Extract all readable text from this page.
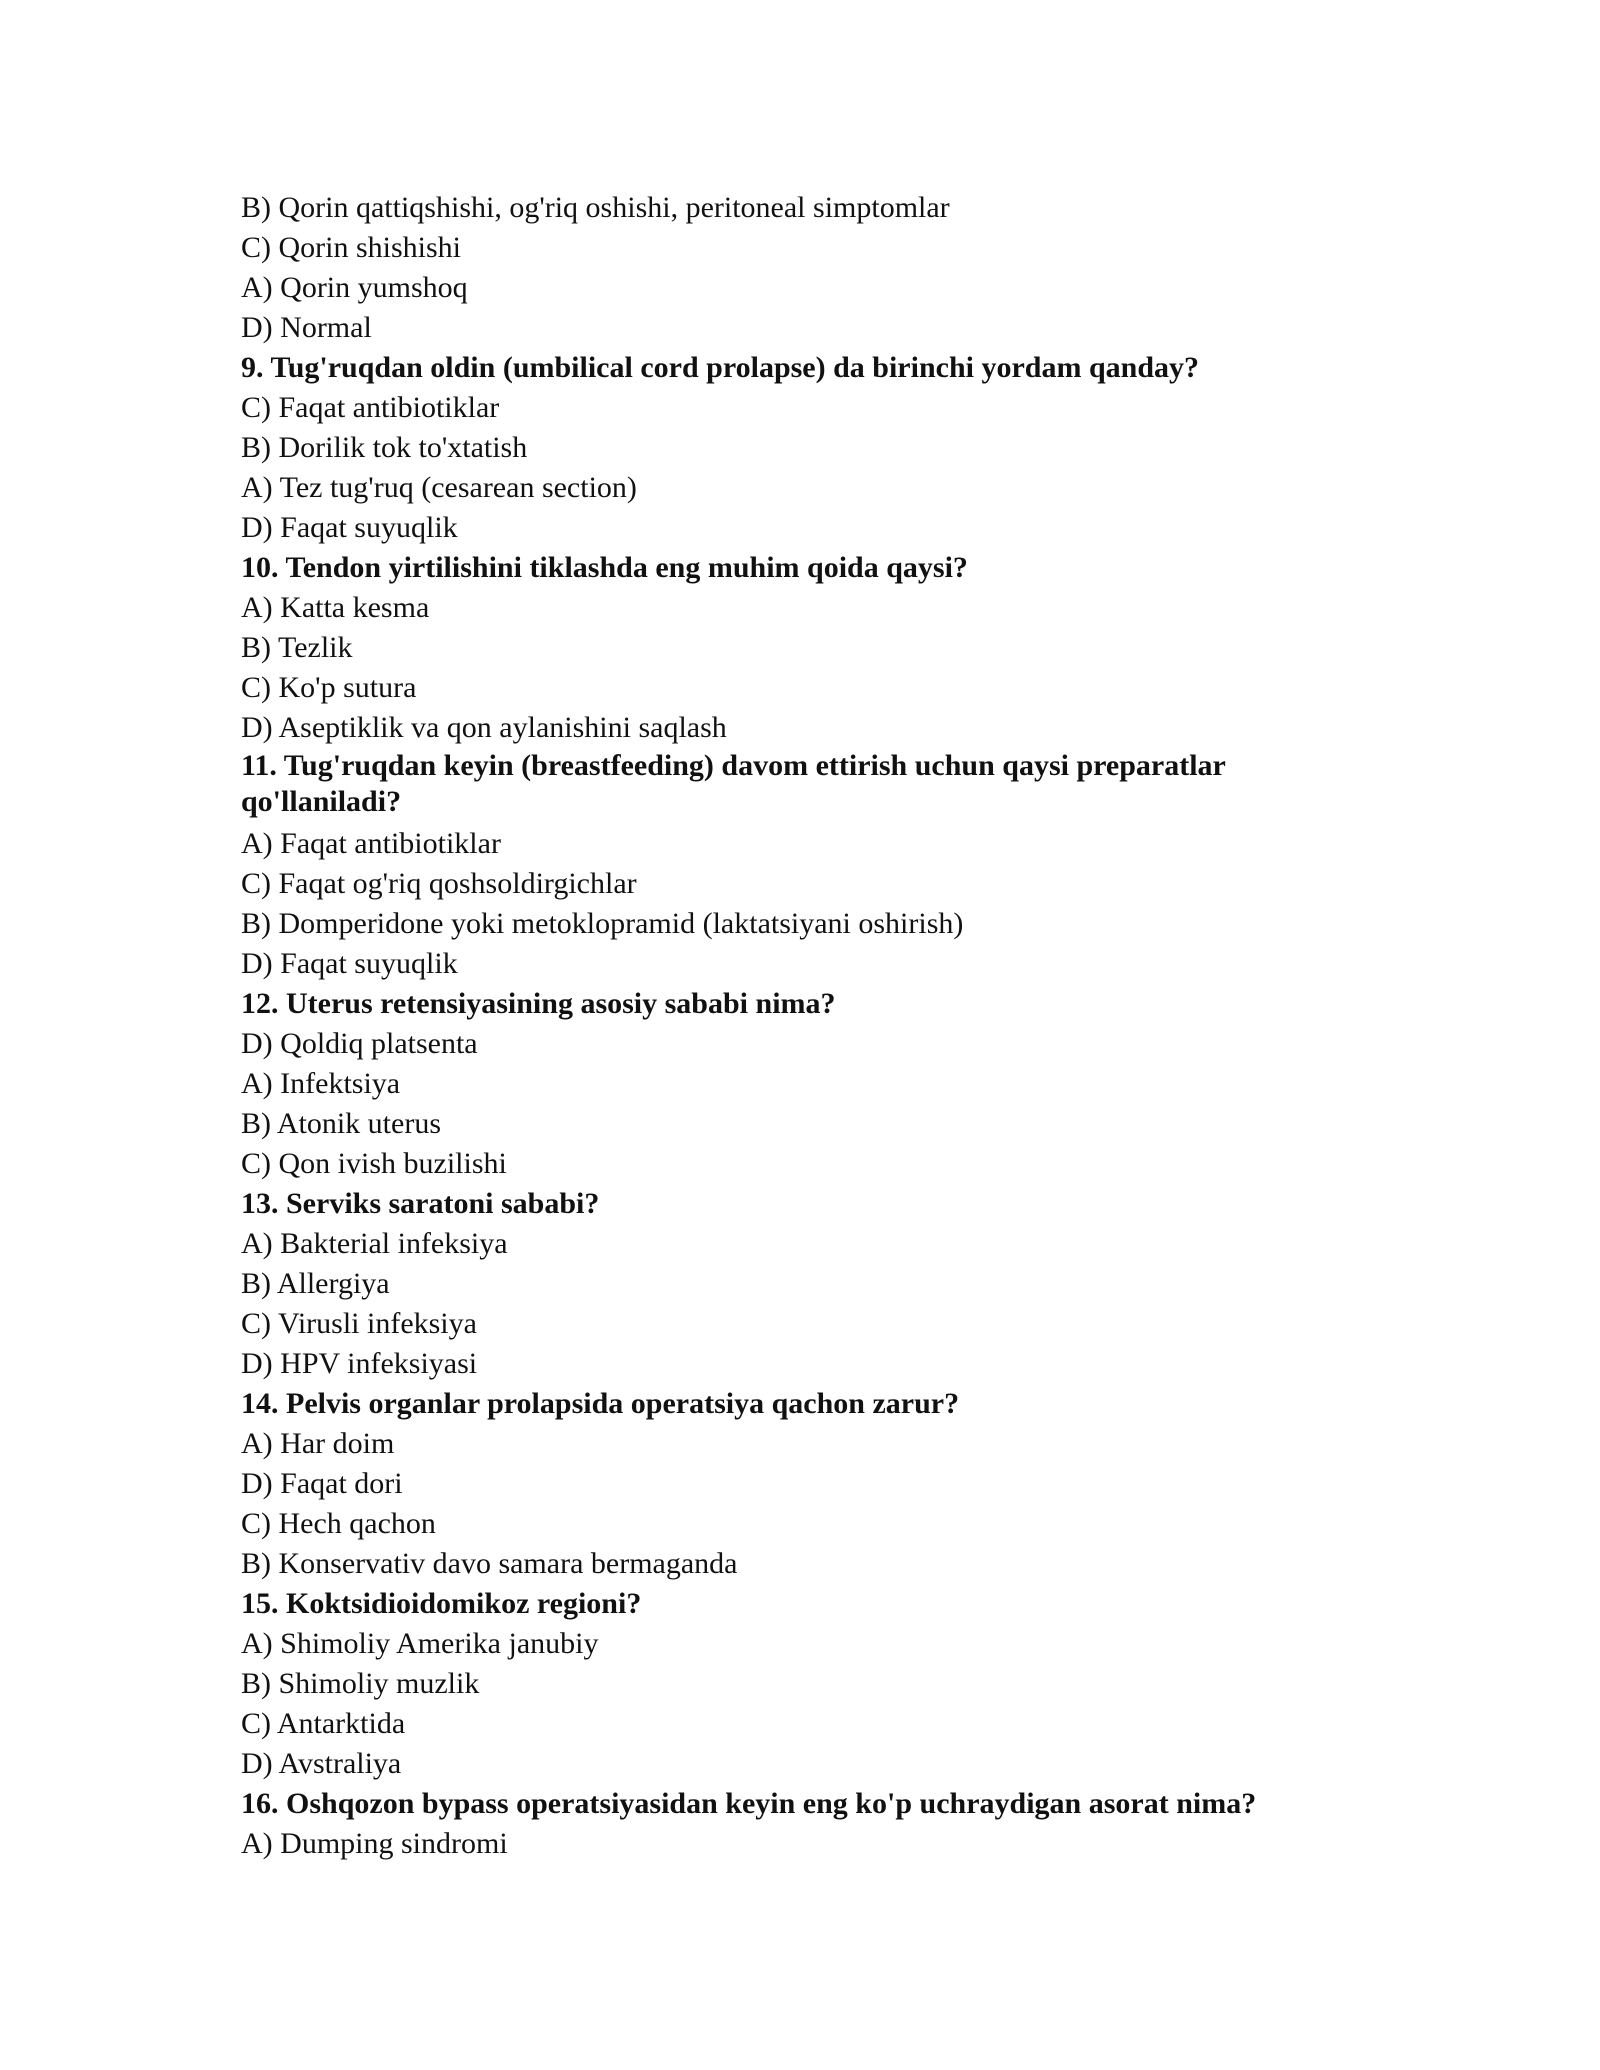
B) Qorin qattiqshishi, og'riq oshishi, peritoneal simptomlar

C) Qorin shishishi

A) Qorin yumshoq

D) Normal

9. Tug'ruqdan oldin (umbilical cord prolapse) da birinchi yordam qanday?

C) Faqat antibiotiklar

B) Dorilik tok to'xtatish

A) Tez tug'ruq (cesarean section)

D) Faqat suyuqlik

10. Tendon yirtilishini tiklashda eng muhim qoida qaysi?

A) Katta kesma

B) Tezlik

C) Ko'p sutura

D) Aseptiklik va qon aylanishini saqlash

11. Tug'ruqdan keyin (breastfeeding) davom ettirish uchun qaysi preparatlar qo'llaniladi?

A) Faqat antibiotiklar

C) Faqat og'riq qoshsoldirgichlar

B) Domperidone yoki metoklopramid (laktatsiyani oshirish)

D) Faqat suyuqlik

12. Uterus retensiyasining asosiy sababi nima?

D) Qoldiq platsenta

A) Infektsiya

B) Atonik uterus

C) Qon ivish buzilishi

13. Serviks saratoni sababi?

A) Bakterial infeksiya

B) Allergiya

C) Virusli infeksiya

D) HPV infeksiyasi

14. Pelvis organlar prolapsida operatsiya qachon zarur?

A) Har doim

D) Faqat dori

C) Hech qachon

B) Konservativ davo samara bermaganda

15. Koktsidioidomikoz regioni?

A) Shimoliy Amerika janubiy

B) Shimoliy muzlik

C) Antarktida

D) Avstraliya

16. Oshqozon bypass operatsiyasidan keyin eng ko'p uchraydigan asorat nima?

A) Dumping sindromi
